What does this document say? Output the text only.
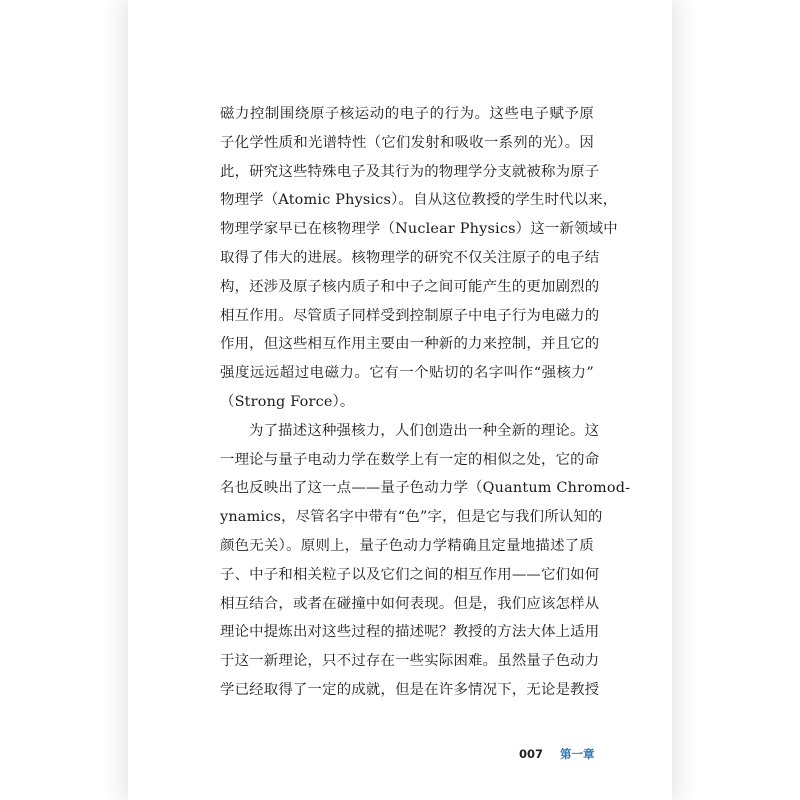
磁力控制围绕原子核运动的电子的行为。这些电子赋予原
子化学性质和光谱特性（它们发射和吸收一系列的光）。因
此，研究这些特殊电子及其行为的物理学分支就被称为原子
物理学（Atomic Physics）。自从这位教授的学生时代以来，
物理学家早已在核物理学（Nuclear Physics）这一新领域中
取得了伟大的进展。核物理学的研究不仅关注原子的电子结
构，还涉及原子核内质子和中子之间可能产生的更加剧烈的
相互作用。尽管质子同样受到控制原子中电子行为电磁力的
作用，但这些相互作用主要由一种新的力来控制，并且它的
强度远远超过电磁力。它有一个贴切的名字叫作“强核力”
（Strong Force）。
为了描述这种强核力，人们创造出一种全新的理论。这
一理论与量子电动力学在数学上有一定的相似之处，它的命
名也反映出了这一点——量子色动力学（Quantum Chromod-
ynamics，尽管名字中带有“色”字，但是它与我们所认知的
颜色无关）。原则上，量子色动力学精确且定量地描述了质
子、中子和相关粒子以及它们之间的相互作用——它们如何
相互结合，或者在碰撞中如何表现。但是，我们应该怎样从
理论中提炼出对这些过程的描述呢？教授的方法大体上适用
于这一新理论，只不过存在一些实际困难。虽然量子色动力
学已经取得了一定的成就，但是在许多情况下，无论是教授
007 第一章
